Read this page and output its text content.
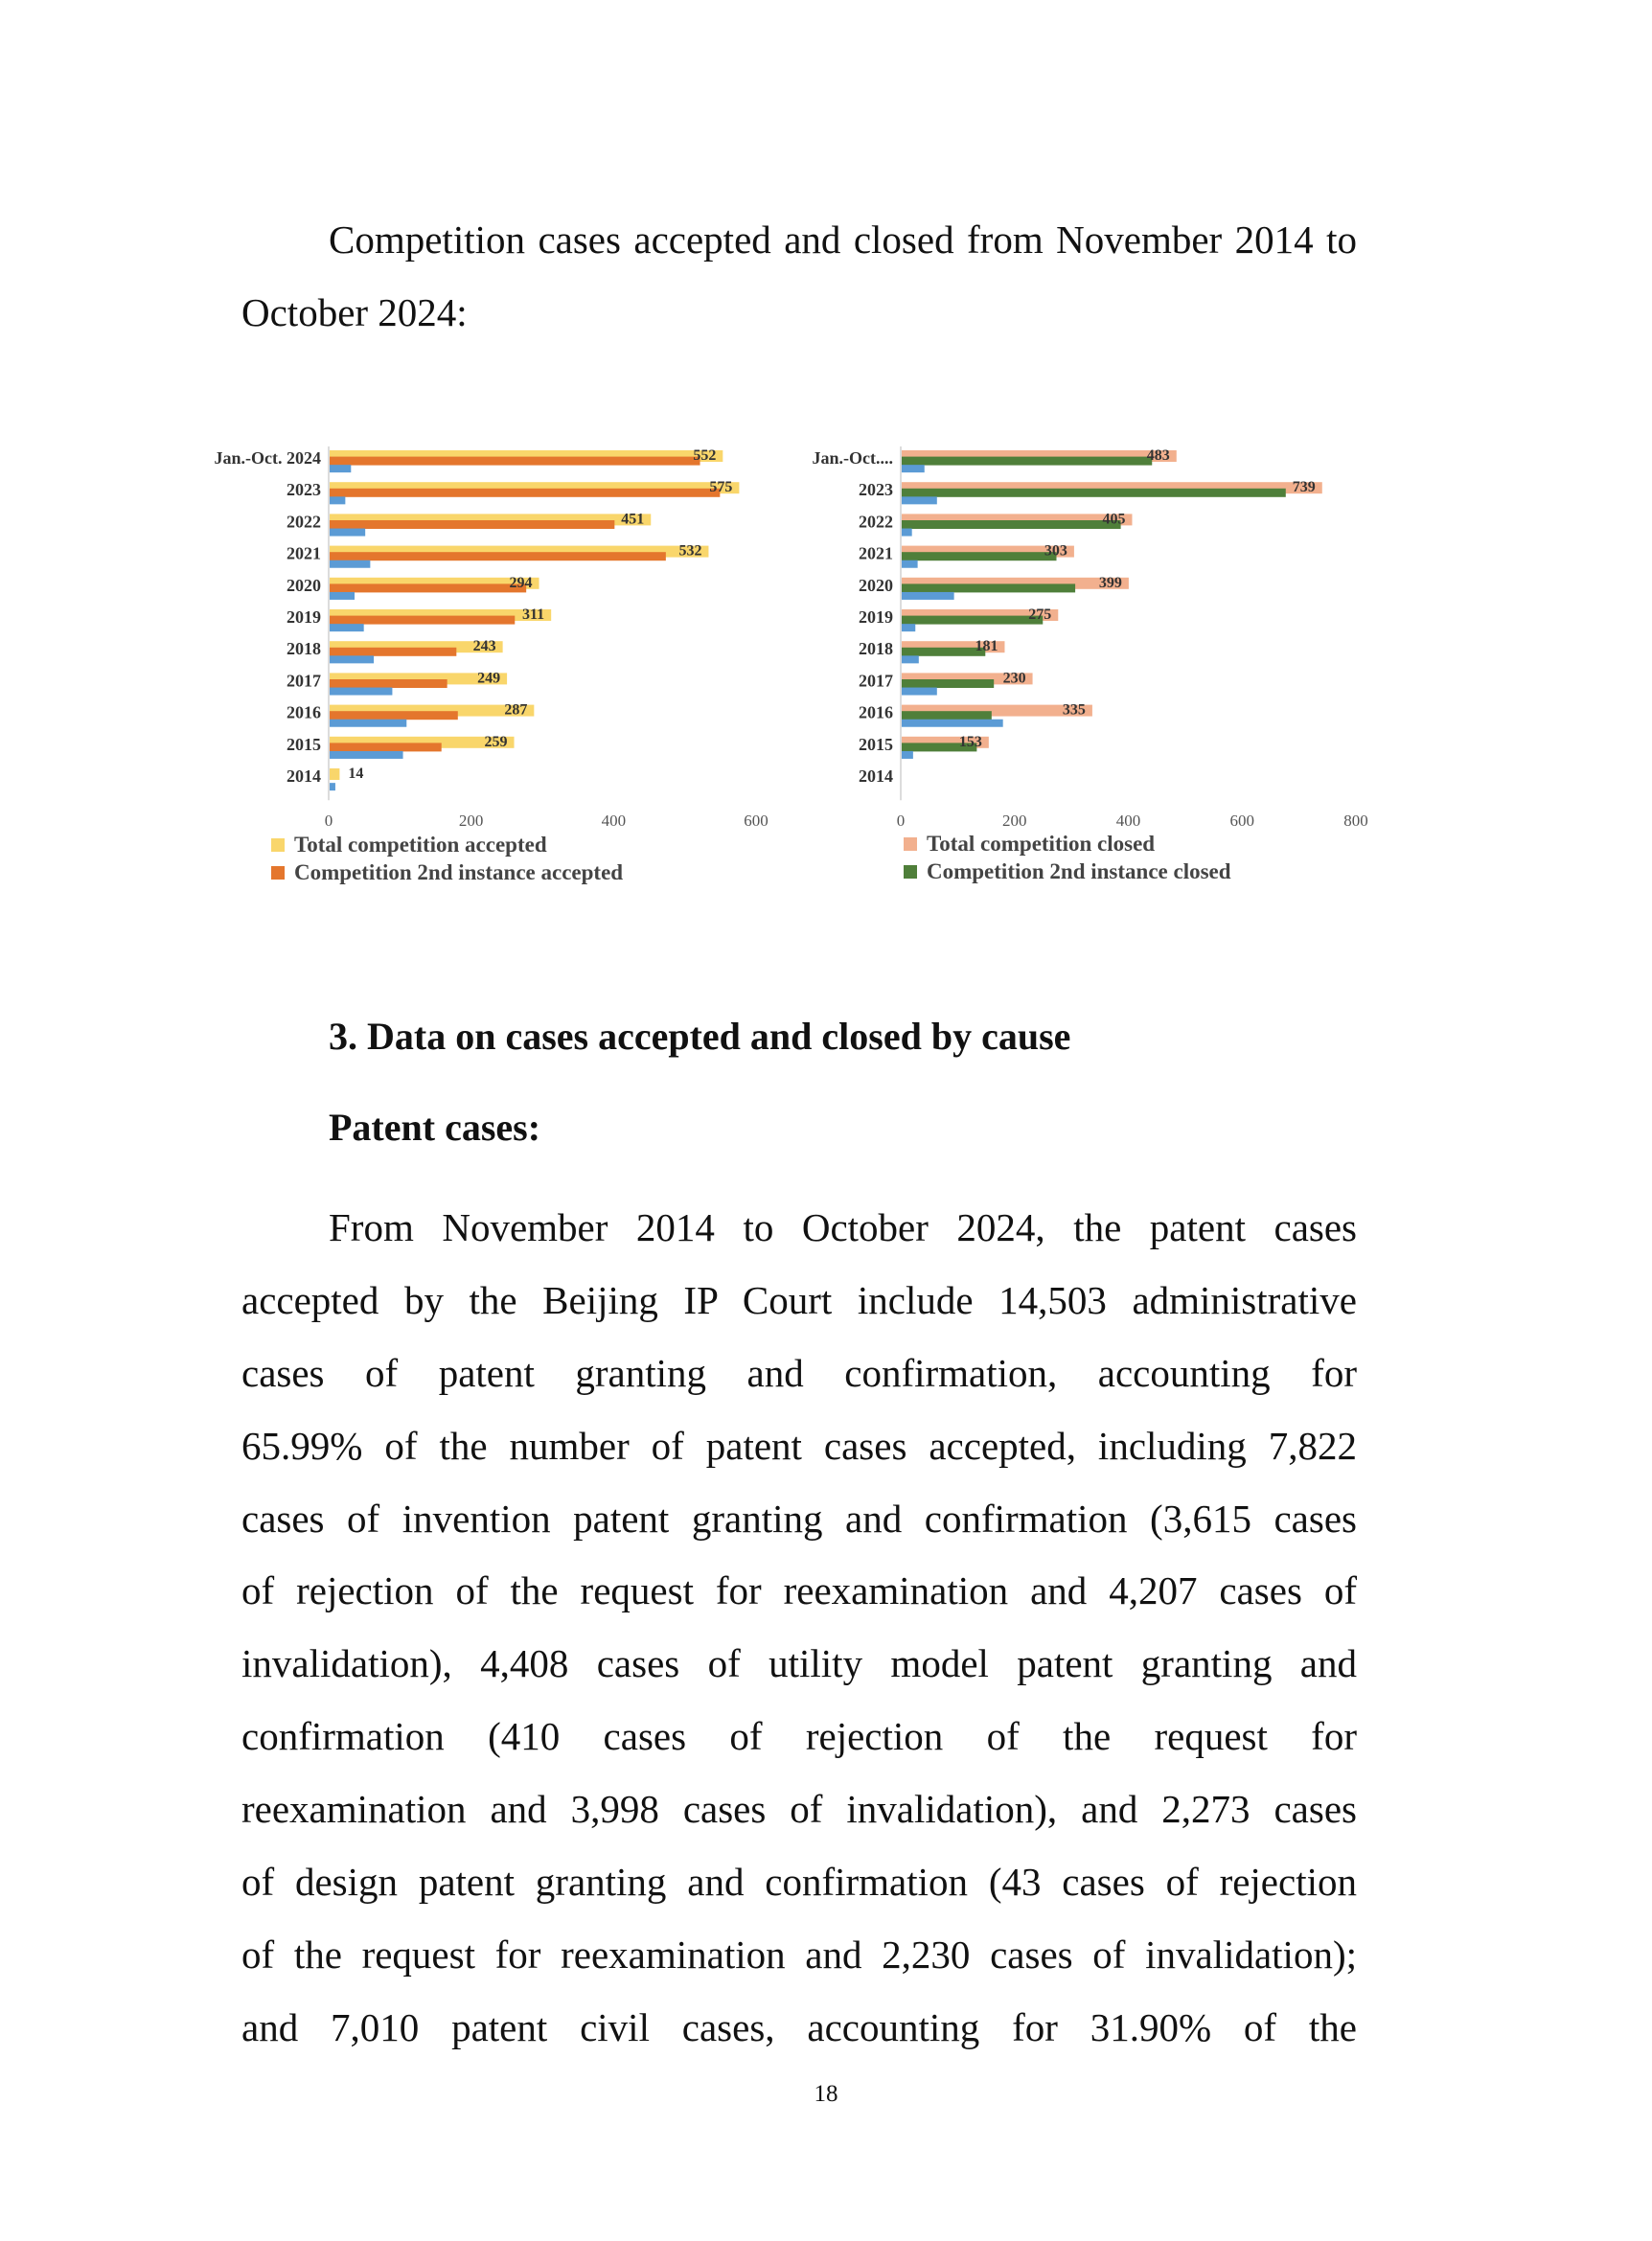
Competition cases accepted and closed from November 2014 to October 2024:

Jan.-Oct. 2024	552
2023	575
2022	451
2021	532
2020	294
2019	311
2018	243
2017	249
2016	287
2015	259
2014 14
0	200	400	600
Total competition accepted
Competition 2nd instance accepted
Jan.-Oct....	483
2023	739
2022	405
2021	303
2020	399
2019	275
2018	181
2017	230
2016	335
2015	153
2014
0	200	400	600	800
Total competition closed
Competition 2nd instance closed
3. Data on cases accepted and closed by cause
Patent cases:
From November 2014 to October 2024, the patent cases
accepted by the Beijing IP Court include 14,503 administrative
cases of patent granting and confirmation, accounting for
65.99% of the number of patent cases accepted, including 7,822
cases of invention patent granting and confirmation (3,615 cases
of rejection of the request for reexamination and 4,207 cases of
invalidation), 4,408 cases of utility model patent granting and
confirmation (410 cases of rejection of the request for
reexamination and 3,998 cases of invalidation), and 2,273 cases
of design patent granting and confirmation (43 cases of rejection
of the request for reexamination and 2,230 cases of invalidation);
and 7,010 patent civil cases, accounting for 31.90% of the

18
